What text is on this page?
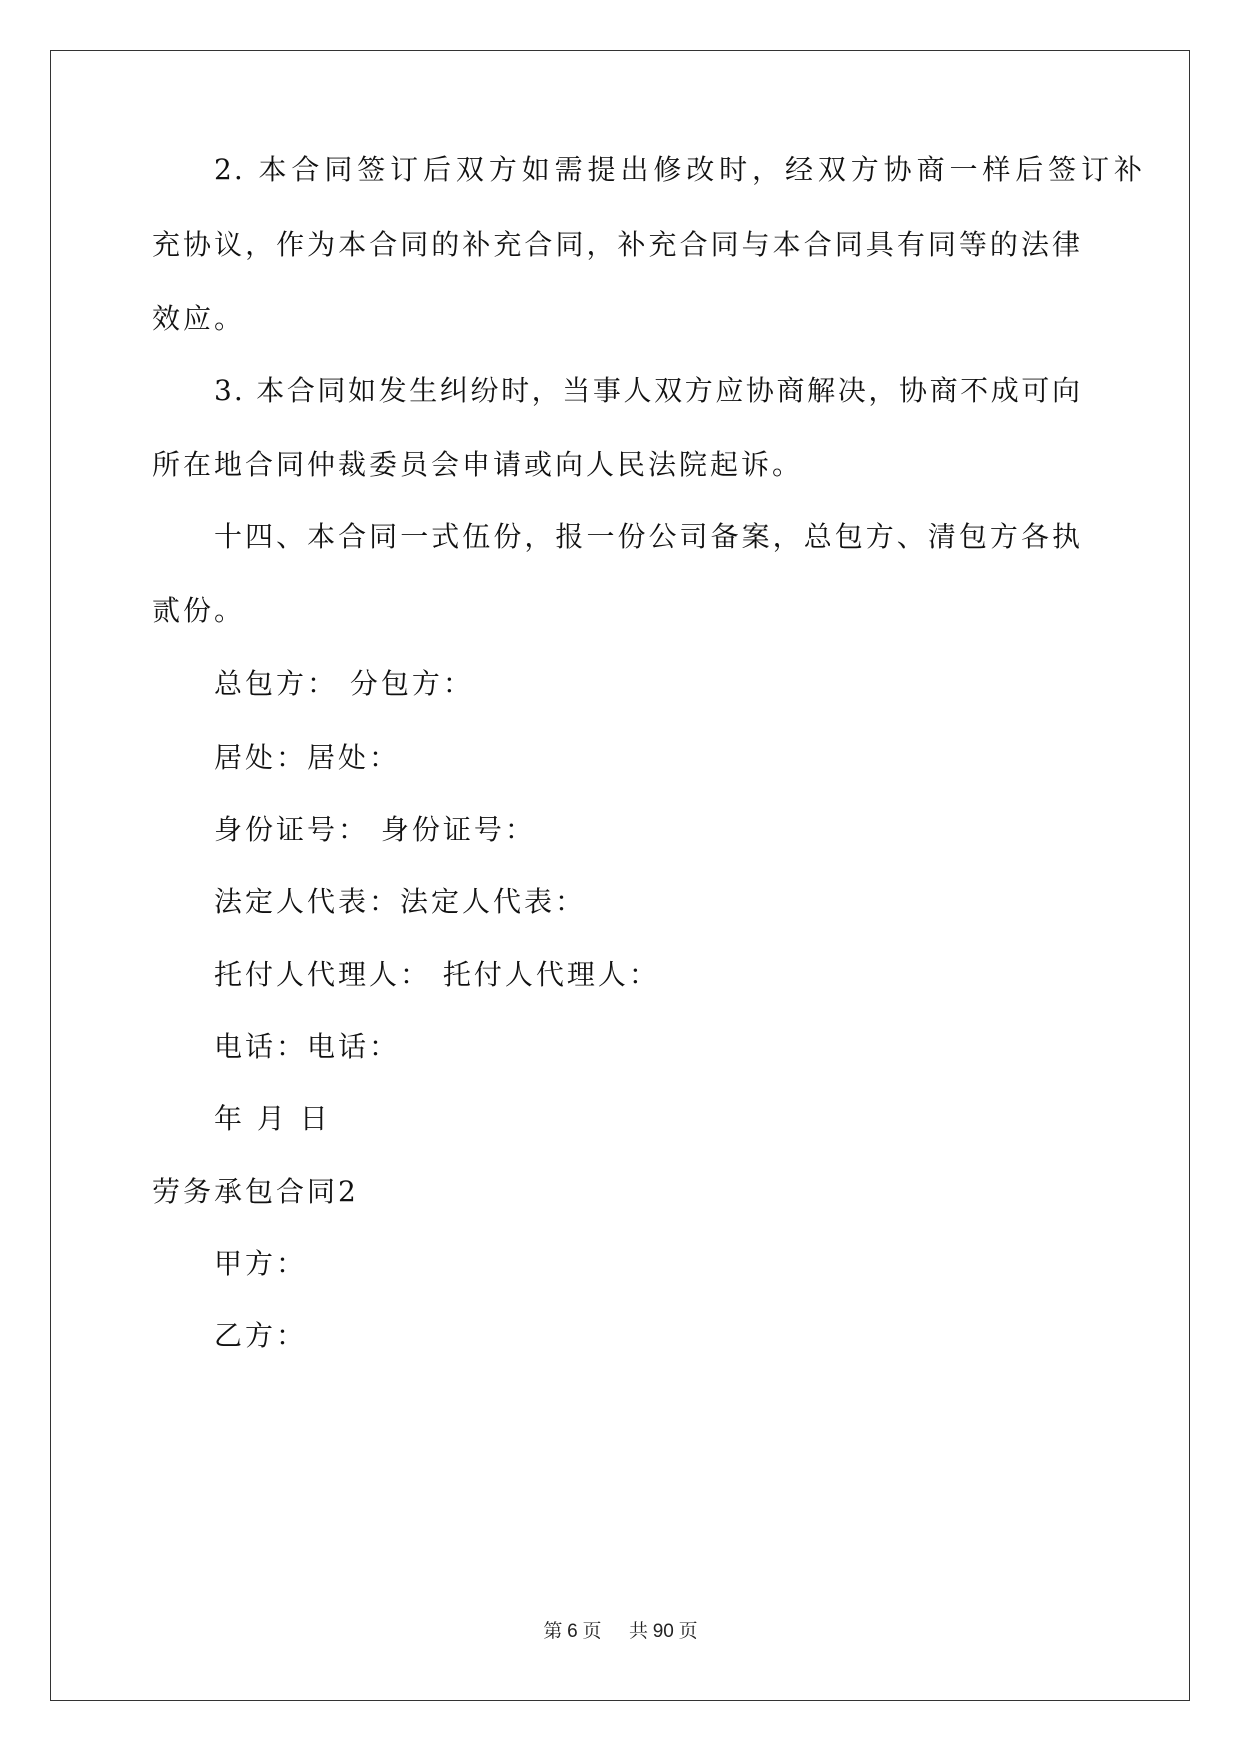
2. 本合同签订后双方如需提出修改时，经双方协商一样后签订补
充协议，作为本合同的补充合同，补充合同与本合同具有同等的法律
效应。
3. 本合同如发生纠纷时，当事人双方应协商解决，协商不成可向
所在地合同仲裁委员会申请或向人民法院起诉。
十四、本合同一式伍份，报一份公司备案，总包方、清包方各执
贰份。
总包方： 分包方：
居处：居处：
身份证号： 身份证号：
法定人代表：法定人代表：
托付人代理人： 托付人代理人：
电话：电话：
年 月 日
劳务承包合同2
甲方：
乙方：
第 6 页 共 90 页
